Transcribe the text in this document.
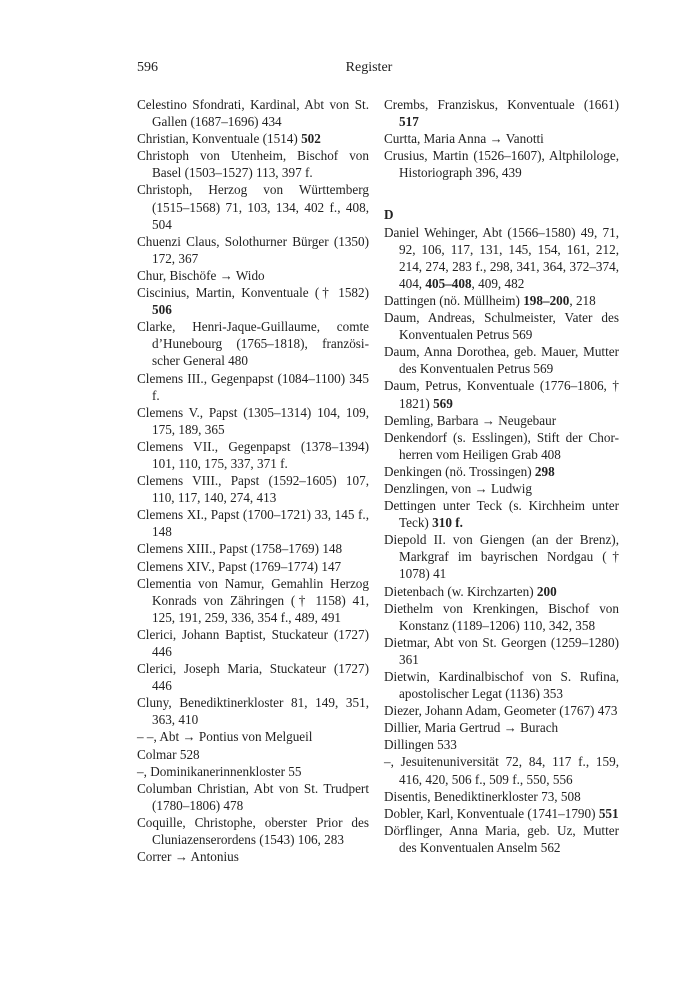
596	Register
Celestino Sfondrati, Kardinal, Abt von St. Gallen (1687–1696) 434
Christian, Konventuale (1514) 502
Christoph von Utenheim, Bischof von Basel (1503–1527) 113, 397 f.
Christoph, Herzog von Württemberg (1515–1568) 71, 103, 134, 402 f., 408, 504
Chuenzi Claus, Solothurner Bürger (1350) 172, 367
Chur, Bischöfe → Wido
Ciscinius, Martin, Konventuale († 1582) 506
Clarke, Henri-Jaque-Guillaume, comte d’Hunebourg (1765–1818), französi-scher General 480
Clemens III., Gegenpapst (1084–1100) 345 f.
Clemens V., Papst (1305–1314) 104, 109, 175, 189, 365
Clemens VII., Gegenpapst (1378–1394) 101, 110, 175, 337, 371 f.
Clemens VIII., Papst (1592–1605) 107, 110, 117, 140, 274, 413
Clemens XI., Papst (1700–1721) 33, 145 f., 148
Clemens XIII., Papst (1758–1769) 148
Clemens XIV., Papst (1769–1774) 147
Clementia von Namur, Gemahlin Herzog Konrads von Zähringen († 1158) 41, 125, 191, 259, 336, 354 f., 489, 491
Clerici, Johann Baptist, Stuckateur (1727) 446
Clerici, Joseph Maria, Stuckateur (1727) 446
Cluny, Benediktinerkloster 81, 149, 351, 363, 410
– –, Abt → Pontius von Melgueil
Colmar 528
–, Dominikanerinnenkloster 55
Columban Christian, Abt von St. Trudpert (1780–1806) 478
Coquille, Christophe, oberster Prior des Cluniazenserordens (1543) 106, 283
Correr → Antonius
Crembs, Franziskus, Konventuale (1661) 517
Curtta, Maria Anna → Vanotti
Crusius, Martin (1526–1607), Altphilologe, Historiograph 396, 439
D
Daniel Wehinger, Abt (1566–1580) 49, 71, 92, 106, 117, 131, 145, 154, 161, 212, 214, 274, 283 f., 298, 341, 364, 372–374, 404, 405–408, 409, 482
Dattingen (nö. Müllheim) 198–200, 218
Daum, Andreas, Schulmeister, Vater des Konventualen Petrus 569
Daum, Anna Dorothea, geb. Mauer, Mutter des Konventualen Petrus 569
Daum, Petrus, Konventuale (1776–1806, † 1821) 569
Demling, Barbara → Neugebaur
Denkendorf (s. Esslingen), Stift der Chor-herren vom Heiligen Grab 408
Denkingen (nö. Trossingen) 298
Denzlingen, von → Ludwig
Dettingen unter Teck (s. Kirchheim unter Teck) 310 f.
Diepold II. von Giengen (an der Brenz), Markgraf im bayrischen Nordgau († 1078) 41
Dietenbach (w. Kirchzarten) 200
Diethelm von Krenkingen, Bischof von Konstanz (1189–1206) 110, 342, 358
Dietmar, Abt von St. Georgen (1259–1280) 361
Dietwin, Kardinalbischof von S. Rufina, apostolischer Legat (1136) 353
Diezer, Johann Adam, Geometer (1767) 473
Dillier, Maria Gertrud → Burach
Dillingen 533
–, Jesuitenuniversität 72, 84, 117 f., 159, 416, 420, 506 f., 509 f., 550, 556
Disentis, Benediktinerkloster 73, 508
Dobler, Karl, Konventuale (1741–1790) 551
Dörflinger, Anna Maria, geb. Uz, Mutter des Konventualen Anselm 562
